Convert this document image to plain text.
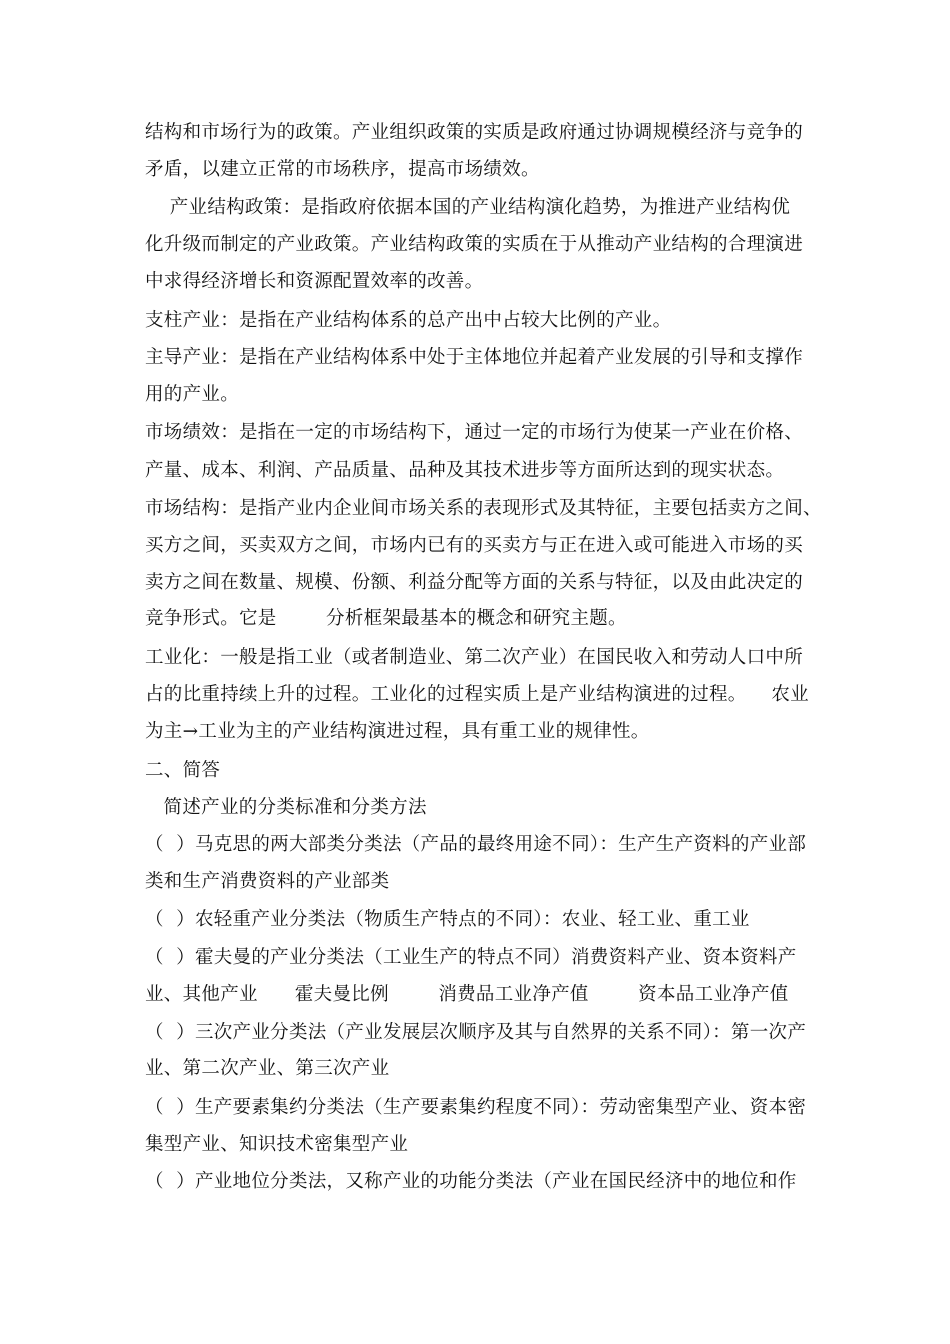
结构和市场行为的政策。产业组织政策的实质是政府通过协调规模经济与竞争的
矛盾，以建立正常的市场秩序，提高市场绩效。
产业结构政策：是指政府依据本国的产业结构演化趋势，为推进产业结构优
化升级而制定的产业政策。产业结构政策的实质在于从推动产业结构的合理演进
中求得经济增长和资源配置效率的改善。
支柱产业：是指在产业结构体系的总产出中占较大比例的产业。
主导产业：是指在产业结构体系中处于主体地位并起着产业发展的引导和支撑作
用的产业。
市场绩效：是指在一定的市场结构下，通过一定的市场行为使某一产业在价格、
产量、成本、利润、产品质量、品种及其技术进步等方面所达到的现实状态。
市场结构：是指产业内企业间市场关系的表现形式及其特征，主要包括卖方之间、
买方之间，买卖双方之间，市场内已有的买卖方与正在进入或可能进入市场的买
卖方之间在数量、规模、份额、利益分配等方面的关系与特征，以及由此决定的
竞争形式。它是        分析框架最基本的概念和研究主题。
工业化：一般是指工业（或者制造业、第二次产业）在国民收入和劳动人口中所
占的比重持续上升的过程。工业化的过程实质上是产业结构演进的过程。    农业
为主→工业为主的产业结构演进过程，具有重工业的规律性。
二、简答
简述产业的分类标准和分类方法
（  ）马克思的两大部类分类法（产品的最终用途不同）：生产生产资料的产业部
类和生产消费资料的产业部类
（  ）农轻重产业分类法（物质生产特点的不同）：农业、轻工业、重工业
（  ）霍夫曼的产业分类法（工业生产的特点不同）消费资料产业、资本资料产
业、其他产业      霍夫曼比例        消费品工业净产值        资本品工业净产值
（  ）三次产业分类法（产业发展层次顺序及其与自然界的关系不同）：第一次产
业、第二次产业、第三次产业
（  ）生产要素集约分类法（生产要素集约程度不同）：劳动密集型产业、资本密
集型产业、知识技术密集型产业
（  ）产业地位分类法，又称产业的功能分类法（产业在国民经济中的地位和作
